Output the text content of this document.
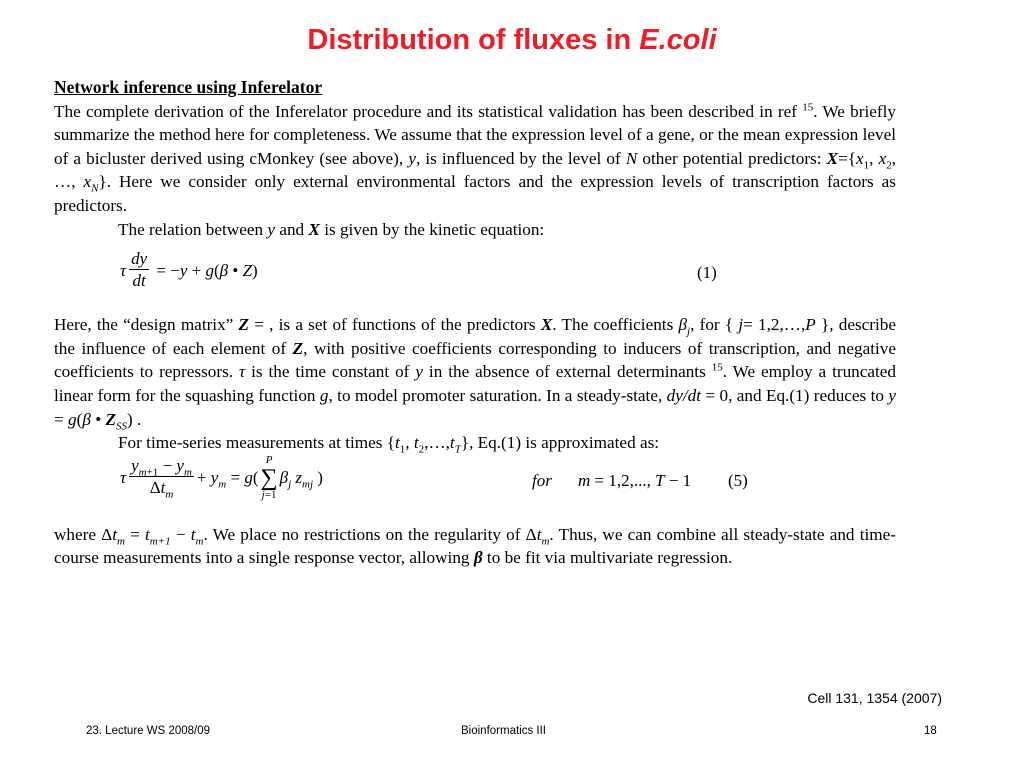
Distribution of fluxes in E.coli

Network inference using Inferelator

The complete derivation of the Inferelator procedure and its statistical validation has been described in ref $^{15}$. We briefly summarize the method here for completeness. We assume that the expression level of a gene, or the mean expression level of a bicluster derived using cMonkey (see above), y, is influenced by the level of N other potential predictors: $X=\{x_1$, $x_2$, …, $x_N$}. Here we consider only external environmental factors and the expression levels of transcription factors as predictors.

The relation between y and X is given by the kinetic equation:

τ $\frac{dy}{dt} = -y + g(\beta$ • Z)	(1)

Here, the “design matrix” Z = , is a set of functions of the predictors X. The coefficients $\beta_j$, for { j= 1,2,…,P }, describe the influence of each element of Z, with positive coefficients corresponding to inducers of transcription, and negative coefficients to repressors. τ is the time constant of y in the absence of external determinants $^{15}$. We employ a truncated linear form for the squashing function g, to model promoter saturation. In a steady-state, dy/dt = 0, and Eq.(1) reduces to y = g(β • $Z_{SS}$) .

For time-series measurements at times {$t_1$, $t_2,\dots,t_T$}, Eq.(1) is approximated as:

τ $\frac{y_{m+1} - y_m}{\Delta t_m} + y_m = g$(
P
∑
j=1
$\beta_j$ $z_{mj}$ )	for m = 1,2,..., T − 1 (5)

where $\Delta t_m = t_{m+1} - t_m$. We place no restrictions on the regularity of $\Delta t_m$. Thus, we can combine all steady-state and time-course measurements into a single response vector, allowing β to be fit via multivariate regression.

Cell 131, 1354 (2007)
23. Lecture WS 2008/09	Bioinformatics III	18
